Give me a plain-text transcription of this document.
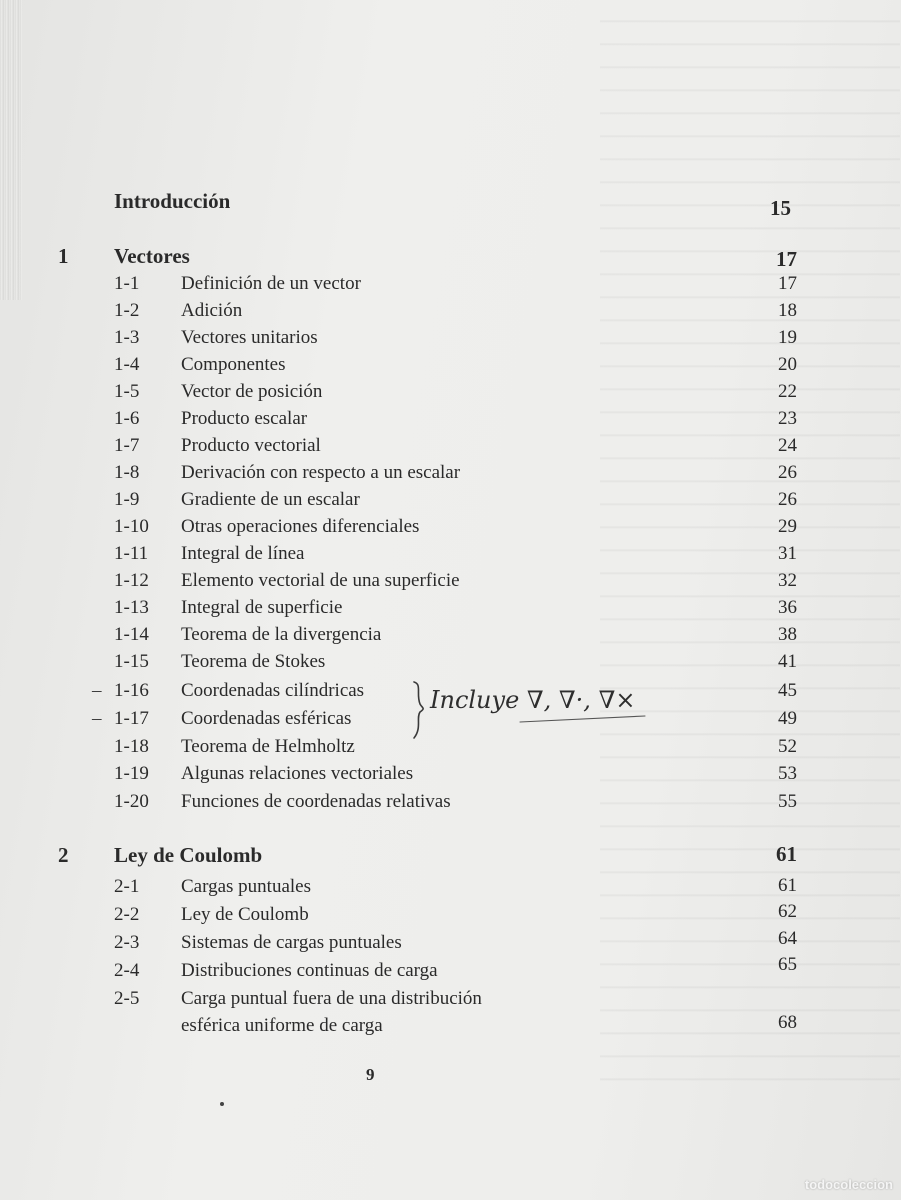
Introducción	15
1 Vectores	17
1-1 Definición de un vector	17
1-2 Adición	18
1-3 Vectores unitarios	19
1-4 Componentes	20
1-5 Vector de posición	22
1-6 Producto escalar	23
1-7 Producto vectorial	24
1-8 Derivación con respecto a un escalar	26
1-9 Gradiente de un escalar	26
1-10 Otras operaciones diferenciales	29
1-11 Integral de línea	31
1-12 Elemento vectorial de una superficie	32
1-13 Integral de superficie	36
1-14 Teorema de la divergencia	38
1-15 Teorema de Stokes	41
– 1-16 Coordenadas cilíndricas	45
– 1-17 Coordenadas esféricas	49
1-18 Teorema de Helmholtz	52
1-19 Algunas relaciones vectoriales	53
1-20 Funciones de coordenadas relativas	55
Incluye ∇, ∇·, ∇×
2 Ley de Coulomb	61
2-1 Cargas puntuales	61
2-2 Ley de Coulomb	62
2-3 Sistemas de cargas puntuales	64
2-4 Distribuciones continuas de carga	65
2-5 Carga puntual fuera de una distribución
esférica uniforme de carga	68
9
todocoleccion
